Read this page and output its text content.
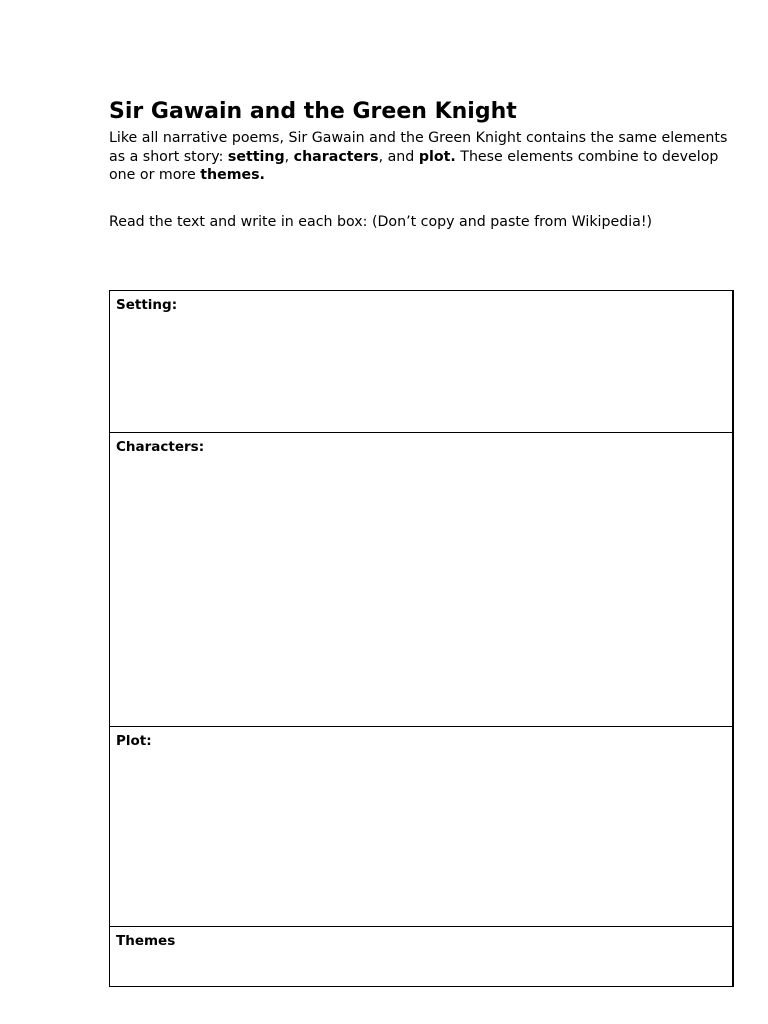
Sir Gawain and the Green Knight

Like all narrative poems, Sir Gawain and the Green Knight contains the same elements as a short story: setting, characters, and plot. These elements combine to develop one or more themes.

Read the text and write in each box: (Don’t copy and paste from Wikipedia!)

Setting:
Characters:
Plot:
Themes
